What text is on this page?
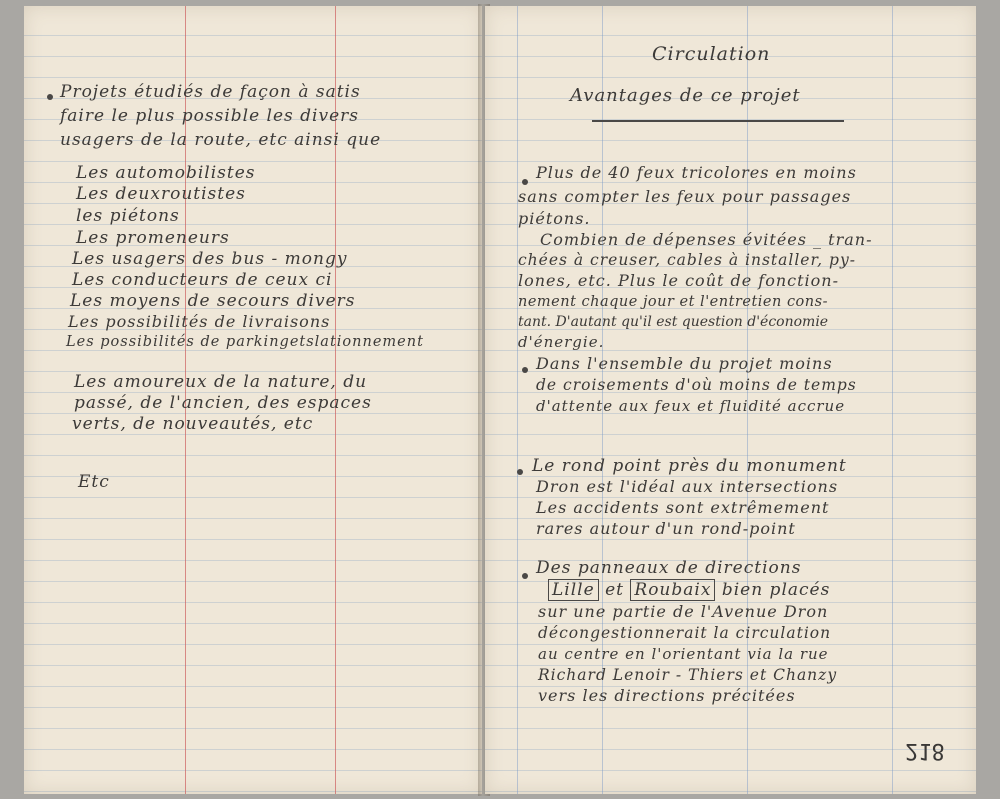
Projets étudiés de façon à satis

faire le plus possible les divers

usagers de la route, etc ainsi que

Les automobilistes

Les deuxroutistes

les piétons

Les promeneurs

Les usagers des bus - mongy

Les conducteurs de ceux ci

Les moyens de secours divers

Les possibilités de livraisons

Les possibilités de parkingetslationnement

Les amoureux de la nature, du

passé, de l'ancien, des espaces

verts, de nouveautés, etc

Etc

Circulation

Avantages de ce projet

Plus de 40 feux tricolores en moins

sans compter les feux pour passages

piétons.

Combien de dépenses évitées _ tran-

chées à creuser, cables à installer, py-

lones, etc. Plus le coût de fonction-

nement chaque jour et l'entretien cons-

tant. D'autant qu'il est question d'économie

d'énergie.

Dans l'ensemble du projet moins

de croisements d'où moins de temps

d'attente aux feux et fluidité accrue

Le rond point près du monument

Dron est l'idéal aux intersections

Les accidents sont extrêmement

rares autour d'un rond-point

Des panneaux de directions

Lille et Roubaix bien placés

sur une partie de l'Avenue Dron

décongestionnerait la circulation

au centre en l'orientant via la rue

Richard Lenoir - Thiers et Chanzy

vers les directions précitées

218
